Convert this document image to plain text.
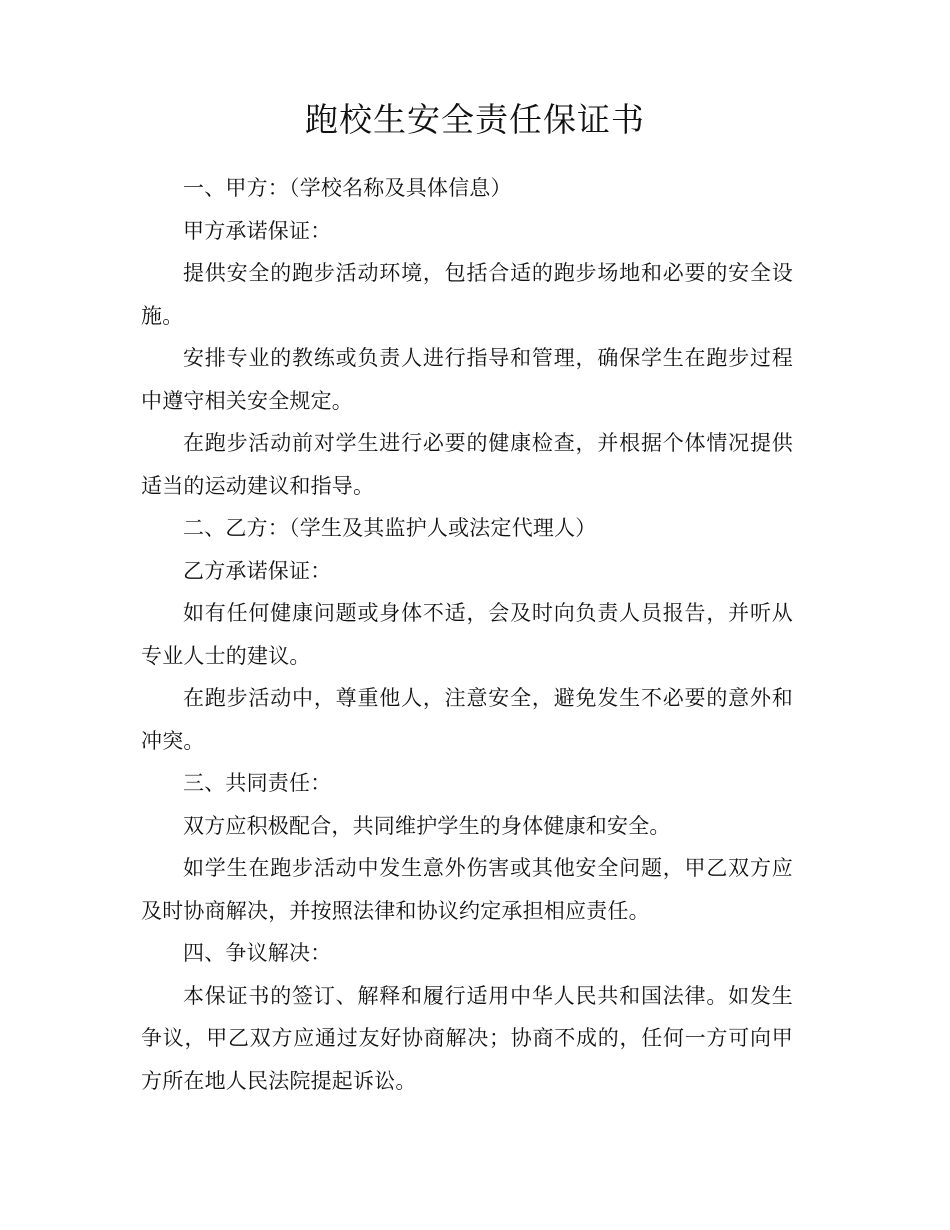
跑校生安全责任保证书

一、甲方：（学校名称及具体信息）

甲方承诺保证：

提供安全的跑步活动环境，包括合适的跑步场地和必要的安全设施。

安排专业的教练或负责人进行指导和管理，确保学生在跑步过程中遵守相关安全规定。

在跑步活动前对学生进行必要的健康检查，并根据个体情况提供适当的运动建议和指导。

二、乙方：（学生及其监护人或法定代理人）

乙方承诺保证：

如有任何健康问题或身体不适，会及时向负责人员报告，并听从专业人士的建议。

在跑步活动中，尊重他人，注意安全，避免发生不必要的意外和冲突。

三、共同责任：

双方应积极配合，共同维护学生的身体健康和安全。

如学生在跑步活动中发生意外伤害或其他安全问题，甲乙双方应及时协商解决，并按照法律和协议约定承担相应责任。

四、争议解决：

本保证书的签订、解释和履行适用中华人民共和国法律。如发生争议，甲乙双方应通过友好协商解决；协商不成的，任何一方可向甲方所在地人民法院提起诉讼。
